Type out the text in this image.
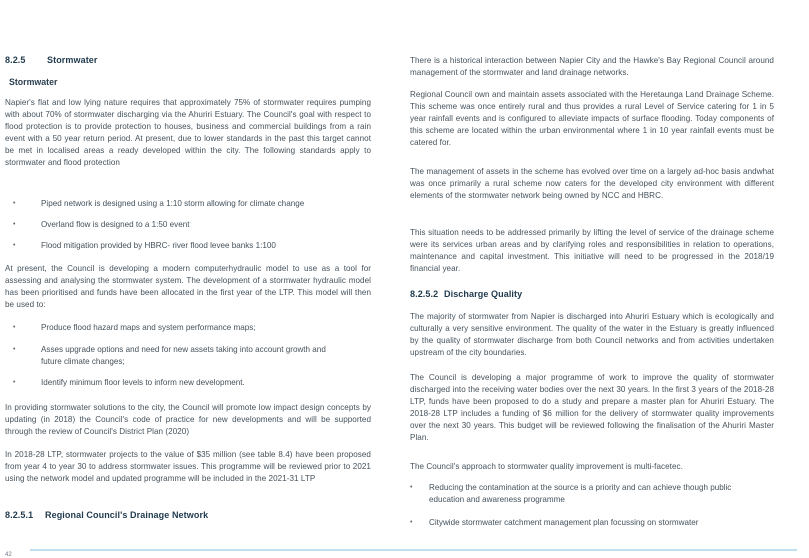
8.2.5 Stormwater
Stormwater

Napier's flat and low lying nature requires that approximately 75% of stormwater requires pumping with about 70% of stormwater discharging via the Ahuriri Estuary. The Council's goal with respect to flood protection is to provide protection to houses, business and commercial buildings from a rain event with a 50 year return period. At present, due to lower standards in the past this target cannot be met in localised areas a ready developed within the city. The following standards apply to stormwater and flood protection

•	Piped network is designed using a 1:10 storm allowing for climate change
•	Overland flow is designed to a 1:50 event
•	Flood mitigation provided by HBRC- river flood levee banks 1:100

At present, the Council is developing a modern computerhydraulic model to use as a tool for assessing and analysing the stormwater system. The development of a stormwater hydraulic model has been prioritised and funds have been allocated in the first year of the LTP. This model will then be used to:

•	Produce flood hazard maps and system performance maps;
•	Asses upgrade options and need for new assets taking into account growth and future climate changes;
•	Identify minimum floor levels to inform new development.

In providing stormwater solutions to the city, the Council will promote low impact design concepts by updating (in 2018) the Council's code of practice for new developments and will be supported through the review of Council's District Plan (2020)

In 2018-28 LTP, stormwater projects to the value of $35 million (see table 8.4) have been proposed from year 4 to year 30 to address stormwater issues. This programme will be reviewed prior to 2021 using the network model and updated programme will be included in the 2021-31 LTP

8.2.5.1 Regional Council's Drainage Network

There is a historical interaction between Napier City and the Hawke's Bay Regional Council around management of the stormwater and land drainage networks.

Regional Council own and maintain assets associated with the Heretaunga Land Drainage Scheme. This scheme was once entirely rural and thus provides a rural Level of Service catering for 1 in 5 year rainfall events and is configured to alleviate impacts of surface flooding. Today components of this scheme are located within the urban environmental where 1 in 10 year rainfall events must be catered for.

The management of assets in the scheme has evolved over time on a largely ad-hoc basis andwhat was once primarily a rural scheme now caters for the developed city environment with different elements of the stormwater network being owned by NCC and HBRC.

This situation needs to be addressed primarily by lifting the level of service of the drainage scheme were its services urban areas and by clarifying roles and responsibilities in relation to operations, maintenance and capital investment. This initiative will need to be progressed in the 2018/19 financial year.

8.2.5.2 Discharge Quality

The majority of stormwater from Napier is discharged into Ahuriri Estuary which is ecologically and culturally a very sensitive environment. The quality of the water in the Estuary is greatly influenced by the quality of stormwater discharge from both Council networks and from activities undertaken upstream of the city boundaries.

The Council is developing a major programme of work to improve the quality of stormwater discharged into the receiving water bodies over the next 30 years. In the first 3 years of the 2018-28 LTP, funds have been proposed to do a study and prepare a master plan for Ahuriri Estuary. The 2018-28 LTP includes a funding of $6 million for the delivery of stormwater quality improvements over the next 30 years. This budget will be reviewed following the finalisation of the Ahuriri Master Plan.

The Council's approach to stormwater quality improvement is multi-facetec.

• Reducing the contamination at the source is a priority and can achieve though public education and awareness programme
• Citywide stormwater catchment management plan focussing on stormwater
42
